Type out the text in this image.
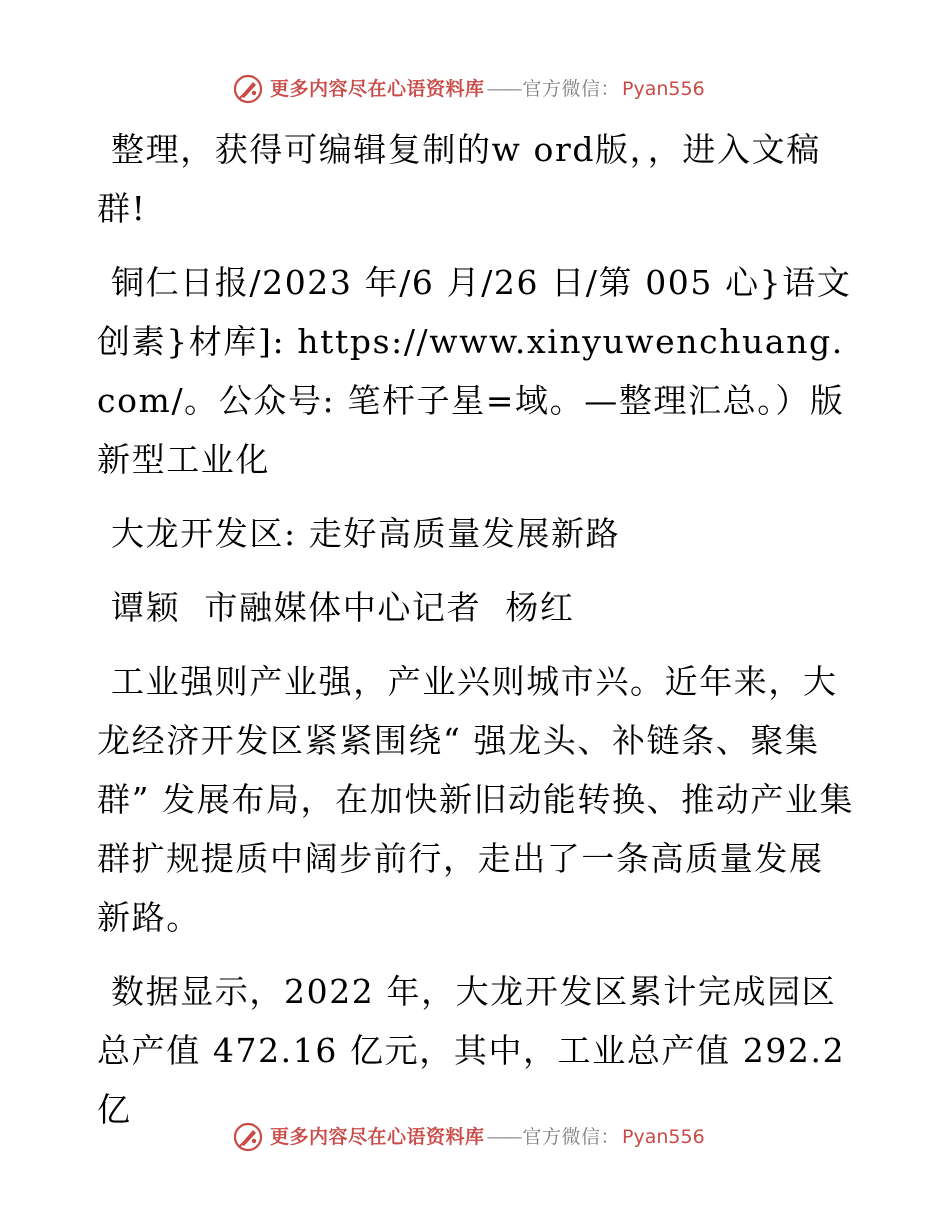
更多内容尽在心语资料库 —— 官方微信： Pyan556

整理，获得可编辑复制的w ord版，，进入文稿群!

铜仁日报/2023 年/6 月/26 日/第 005 心}语文创素}材库]: https://www.xinyuwenchuang.com/。公众号: 笔杆子星=域。—整理汇总。）版新型工业化

大龙开发区: 走好高质量发展新路

谭颖  市融媒体中心记者  杨红

工业强则产业强，产业兴则城市兴。近年来，大龙经济开发区紧紧围绕“ 强龙头、补链条、聚集群” 发展布局，在加快新旧动能转换、推动产业集群扩规提质中阔步前行，走出了一条高质量发展新路。

数据显示，2022 年，大龙开发区累计完成园区总产值 472.16 亿元，其中，工业总产值 292.2亿

更多内容尽在心语资料库 —— 官方微信： Pyan556
